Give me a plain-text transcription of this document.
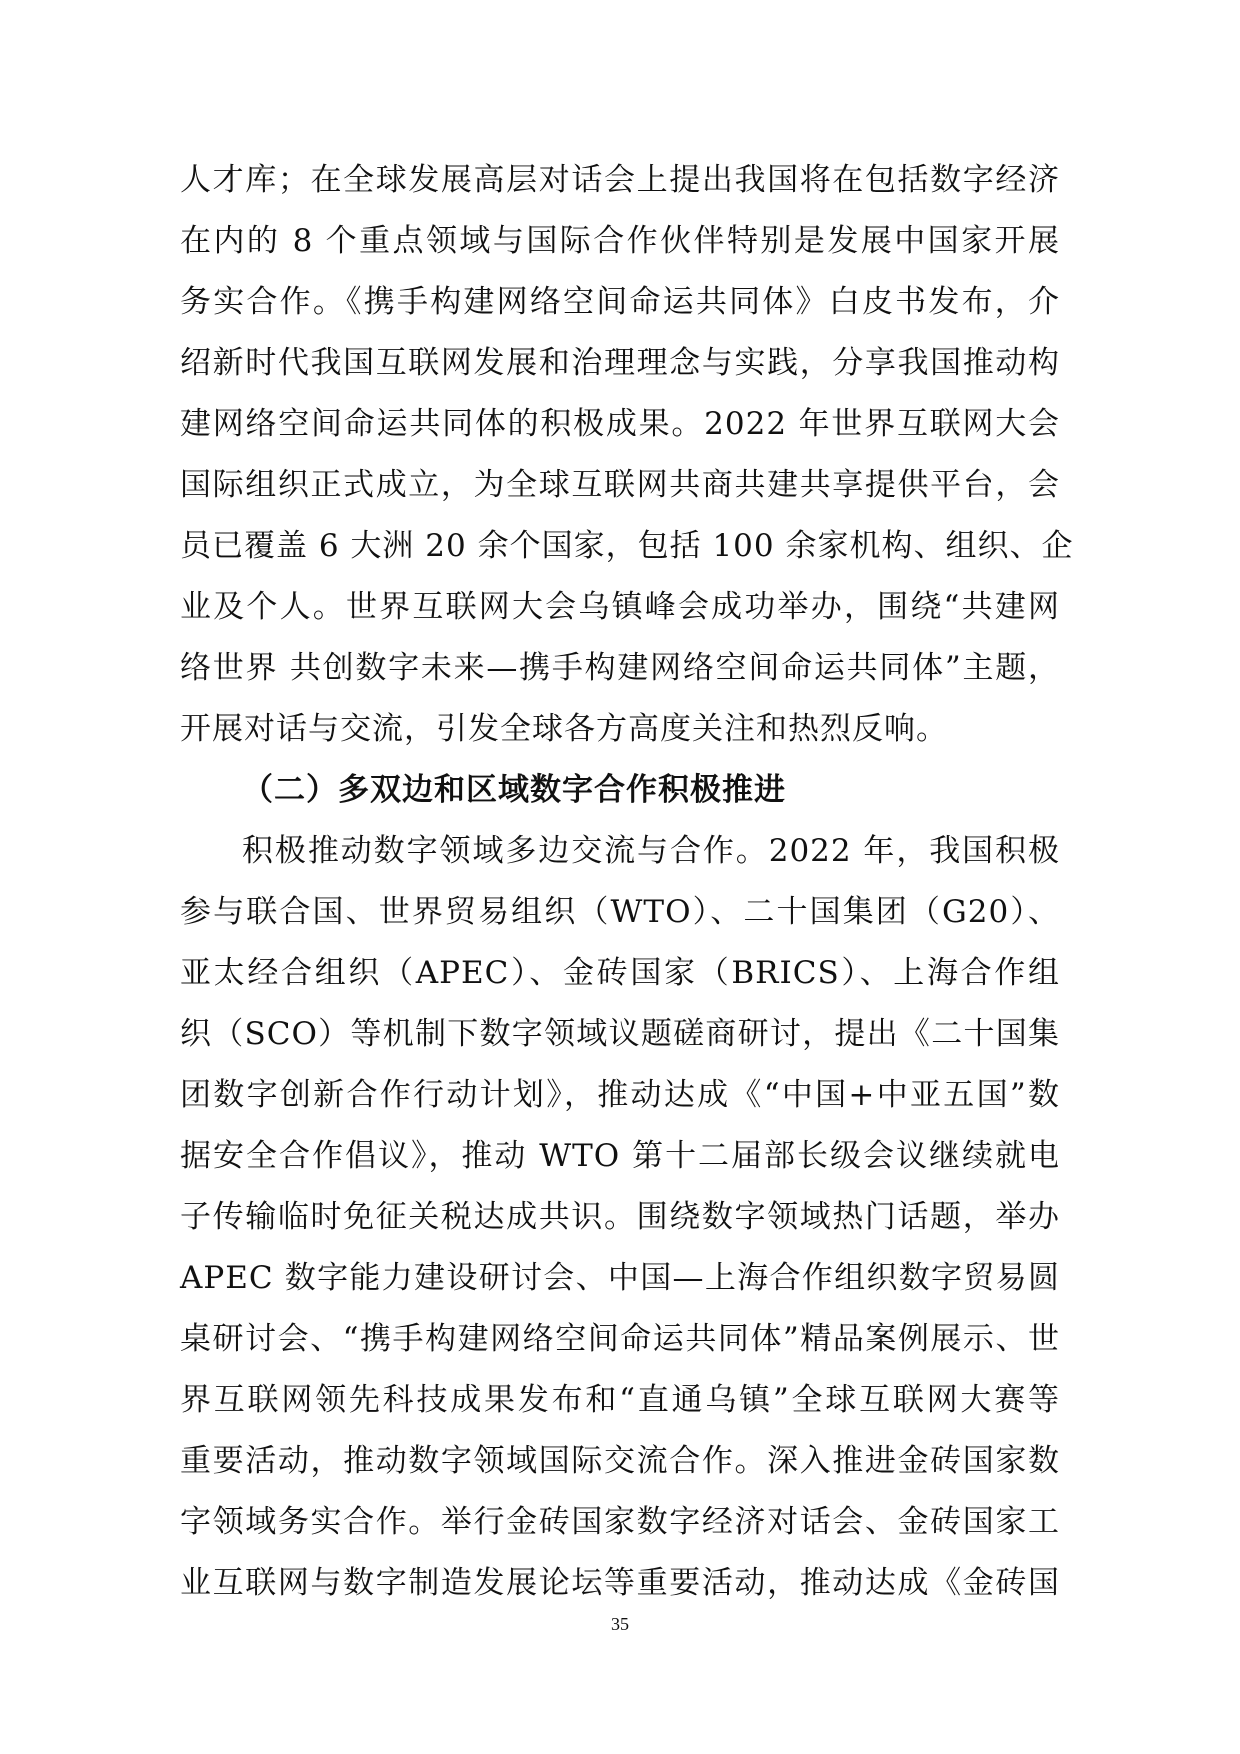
人才库；在全球发展高层对话会上提出我国将在包括数字经济
在内的 8 个重点领域与国际合作伙伴特别是发展中国家开展
务实合作。《携手构建网络空间命运共同体》白皮书发布，介
绍新时代我国互联网发展和治理理念与实践，分享我国推动构
建网络空间命运共同体的积极成果。2022 年世界互联网大会
国际组织正式成立，为全球互联网共商共建共享提供平台，会
员已覆盖 6 大洲 20 余个国家，包括 100 余家机构、组织、企
业及个人。世界互联网大会乌镇峰会成功举办，围绕“共建网
络世界 共创数字未来—携手构建网络空间命运共同体”主题，
开展对话与交流，引发全球各方高度关注和热烈反响。
（二）多双边和区域数字合作积极推进
积极推动数字领域多边交流与合作。2022 年，我国积极
参与联合国、世界贸易组织（WTO）、二十国集团（G20）、
亚太经合组织（APEC）、金砖国家（BRICS）、上海合作组
织（SCO）等机制下数字领域议题磋商研讨，提出《二十国集
团数字创新合作行动计划》，推动达成《“中国+中亚五国”数
据安全合作倡议》，推动 WTO 第十二届部长级会议继续就电
子传输临时免征关税达成共识。围绕数字领域热门话题，举办
APEC 数字能力建设研讨会、中国—上海合作组织数字贸易圆
桌研讨会、“携手构建网络空间命运共同体”精品案例展示、世
界互联网领先科技成果发布和“直通乌镇”全球互联网大赛等
重要活动，推动数字领域国际交流合作。深入推进金砖国家数
字领域务实合作。举行金砖国家数字经济对话会、金砖国家工
业互联网与数字制造发展论坛等重要活动，推动达成《金砖国
35
